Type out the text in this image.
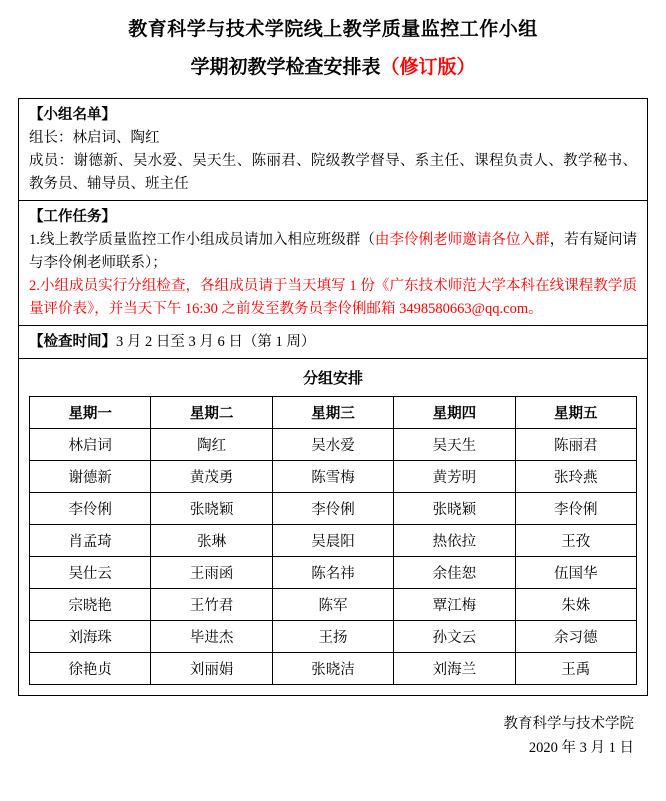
教育科学与技术学院线上教学质量监控工作小组
学期初教学检查安排表（修订版）
【小组名单】
组长：林启词、陶红
成员：谢德新、吴水爱、吴天生、陈丽君、院级教学督导、系主任、课程负责人、教学秘书、教务员、辅导员、班主任
【工作任务】
1.线上教学质量监控工作小组成员请加入相应班级群（由李伶俐老师邀请各位入群，若有疑问请与李伶俐老师联系）；
2.小组成员实行分组检查，各组成员请于当天填写 1 份《广东技术师范大学本科在线课程教学质量评价表》，并当天下午 16:30 之前发至教务员李伶俐邮箱 3498580663@qq.com。
【检查时间】3 月 2 日至 3 月 6 日（第 1 周）
分组安排
星期一	星期二	星期三	星期四	星期五
林启词	陶红	吴水爱	吴天生	陈丽君
谢德新	黄茂勇	陈雪梅	黄芳明	张玲燕
李伶俐	张晓颖	李伶俐	张晓颖	李伶俐
肖孟琦	张琳	吴晨阳	热依拉	王孜
吴仕云	王雨函	陈名祎	余佳恕	伍国华
宗晓艳	王竹君	陈军	覃江梅	朱姝
刘海珠	毕进杰	王扬	孙文云	余习德
徐艳贞	刘丽娟	张晓洁	刘海兰	王禹
教育科学与技术学院
2020 年 3 月 1 日
